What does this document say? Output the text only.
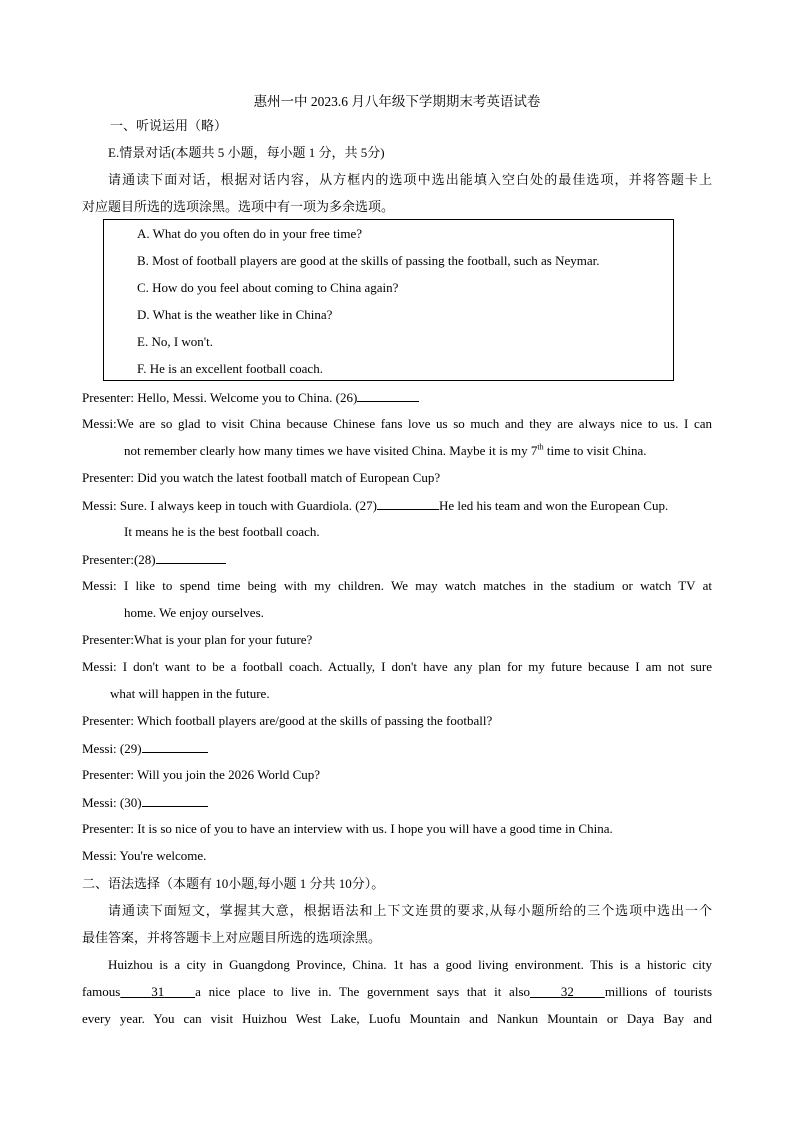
惠州一中 2023.6 月八年级下学期期末考英语试卷
一、听说运用（略）
E.情景对话(本题共 5 小题，每小题 1 分，共 5分)
请通读下面对话，根据对话内容，从方框内的选项中选出能填入空白处的最佳选项，并将答题卡上
对应题目所选的选项涂黑。选项中有一项为多余选项。
A. What do you often do in your free time?
B. Most of football players are good at the skills of passing the football, such as Neymar.
C. How do you feel about coming to China again?
D. What is the weather like in China?
E. No, I won't.
F. He is an excellent football coach.
Presenter: Hello, Messi. Welcome you to China. (26)
Messi:We are so glad to visit China because Chinese fans love us so much and they are always nice to us. I can
not remember clearly how many times we have visited China. Maybe it is my 7th time to visit China.
Presenter: Did you watch the latest football match of European Cup?
Messi: Sure. I always keep in touch with Guardiola. (27)	He led his team and won the European Cup.
It means he is the best football coach.
Presenter:(28)
Messi: I like to spend time being with my children. We may watch matches in the stadium or watch TV at
home. We enjoy ourselves.
Presenter:What is your plan for your future?
Messi: I don't want to be a football coach. Actually, I don't have any plan for my future because I am not sure
what will happen in the future.
Presenter: Which football players are/good at the skills of passing the football?
Messi: (29)
Presenter: Will you join the 2026 World Cup?
Messi: (30)
Presenter: It is so nice of you to have an interview with us. I hope you will have a good time in China.
Messi: You're welcome.
二、语法选择（本题有 10小题,每小题 1 分共 10分）。
请通读下面短文，掌握其大意，根据语法和上下文连贯的要求,从每小题所给的三个选项中选出一个
最佳答案，并将答题卡上对应题目所选的选项涂黑。
Huizhou is a city in Guangdong Province, China. 1t has a good living environment. This is a historic city
famous 31 a nice place to live in. The government says that it also 32 millions of tourists
every year. You can visit Huizhou West Lake, Luofu Mountain and Nankun Mountain or Daya Bay and
